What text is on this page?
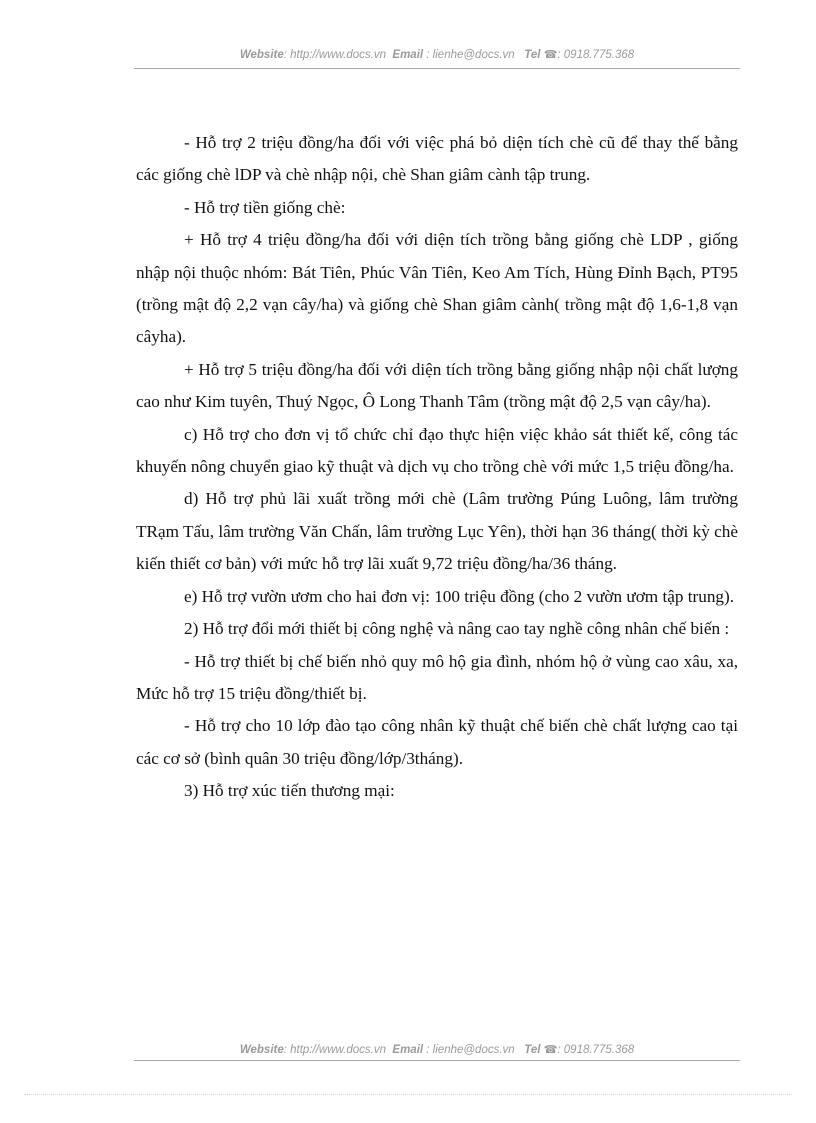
Website: http://www.docs.vn Email : lienhe@docs.vn Tel ☎: 0918.775.368

- Hỗ trợ 2 triệu đồng/ha đối với việc phá bỏ diện tích chè cũ để thay thế bằng các giống chè lDP và chè nhập nội, chè Shan giâm cành tập trung.

- Hỗ trợ tiền giống chè:

+ Hỗ trợ 4 triệu đồng/ha đối với diện tích trồng bằng giống chè LDP , giống nhập nội thuộc nhóm: Bát Tiên, Phúc Vân Tiên, Keo Am Tích, Hùng Đỉnh Bạch, PT95 (trồng mật độ 2,2 vạn cây/ha) và giống chè Shan giâm cành( trồng mật độ 1,6-1,8 vạn câyha).

+ Hỗ trợ 5 triệu đồng/ha đối với diện tích trồng bằng giống nhập nội chất lượng cao như Kim tuyên, Thuý Ngọc, Ô Long Thanh Tâm (trồng mật độ 2,5 vạn cây/ha).

c) Hỗ trợ cho đơn vị tổ chức chỉ đạo thực hiện việc khảo sát thiết kế, công tác khuyến nông chuyển giao kỹ thuật và dịch vụ cho trồng chè với mức 1,5 triệu đồng/ha.

d) Hỗ trợ phủ lãi xuất trồng mới chè (Lâm trường Púng Luông, lâm trường TRạm Tấu, lâm trường Văn Chấn, lâm trường Lục Yên), thời hạn 36 tháng( thời kỳ chè kiến thiết cơ bản) với mức hỗ trợ lãi xuất 9,72 triệu đồng/ha/36 tháng.

e) Hỗ trợ vườn ươm cho hai đơn vị: 100 triệu đồng (cho 2 vườn ươm tập trung).

2) Hỗ trợ đổi mới thiết bị công nghệ và nâng cao tay nghề công nhân chế biến :

- Hỗ trợ thiết bị chế biến nhỏ quy mô hộ gia đình, nhóm hộ ở vùng cao xâu, xa, Mức hỗ trợ 15 triệu đồng/thiết bị.

- Hỗ trợ cho 10 lớp đào tạo công nhân kỹ thuật chế biến chè chất lượng cao tại các cơ sở (bình quân 30 triệu đồng/lớp/3tháng).

3) Hỗ trợ xúc tiến thương mại:

Website: http://www.docs.vn Email : lienhe@docs.vn Tel ☎: 0918.775.368
